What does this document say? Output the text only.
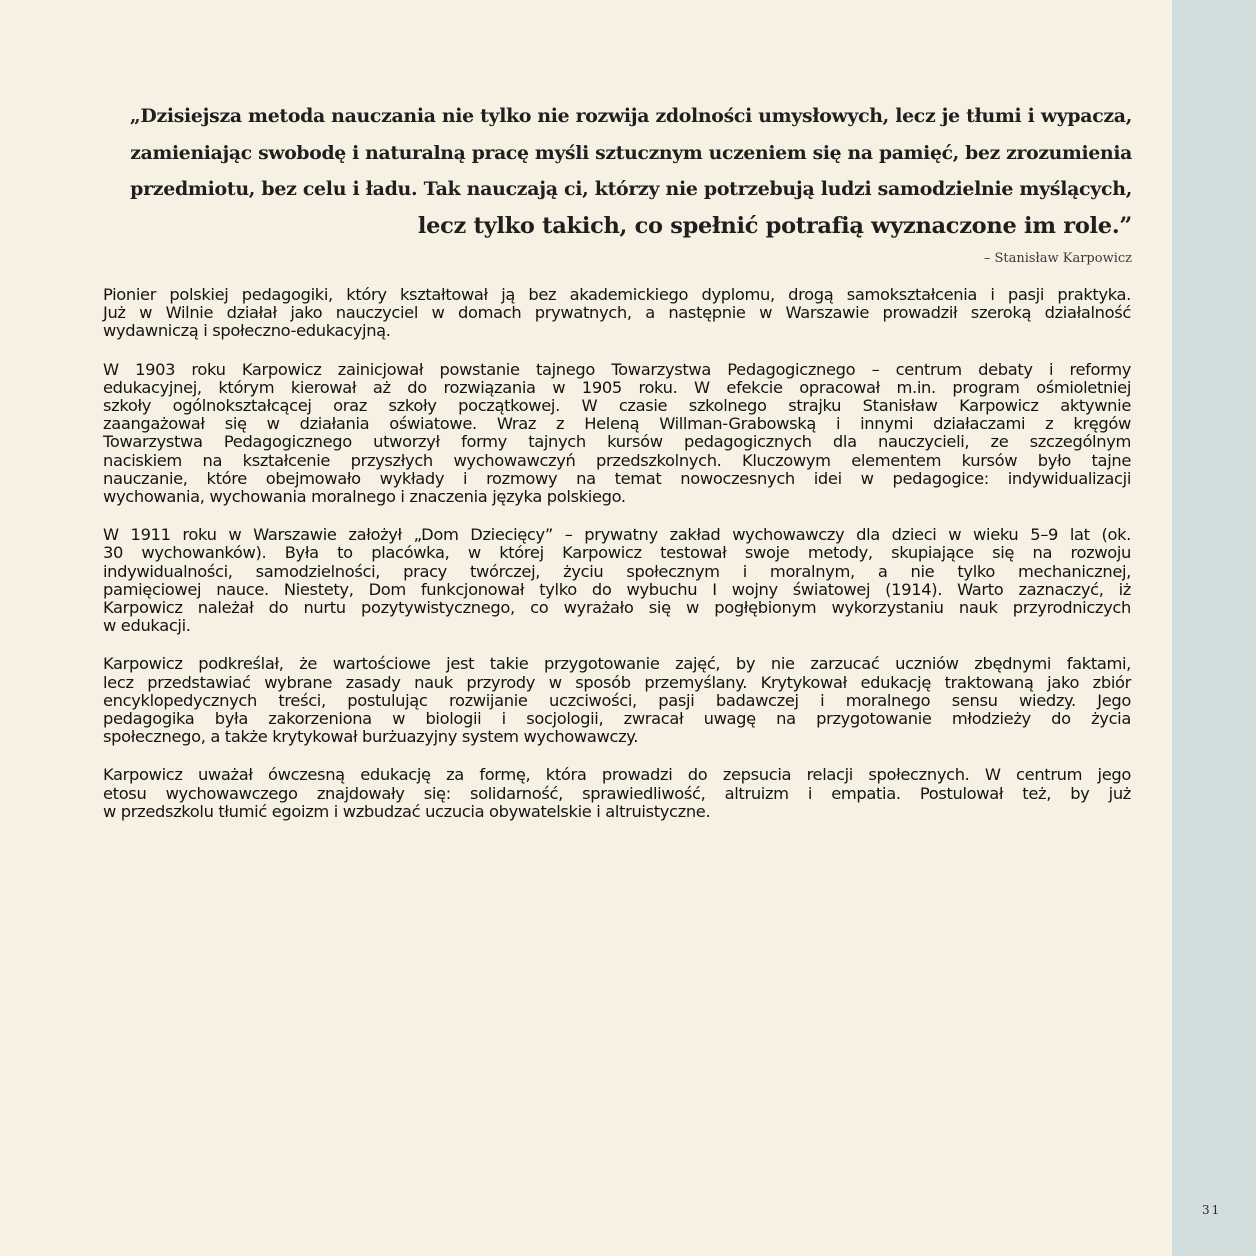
„Dzisiejsza metoda nauczania nie tylko nie rozwija zdolności umysłowych, lecz je tłumi i wypacza,
zamieniając swobodę i naturalną pracę myśli sztucznym uczeniem się na pamięć, bez zrozumienia
przedmiotu, bez celu i ładu. Tak nauczają ci, którzy nie potrzebują ludzi samodzielnie myślących,
lecz tylko takich, co spełnić potrafią wyznaczone im role.”
– Stanisław Karpowicz

Pionier polskiej pedagogiki, który kształtował ją bez akademickiego dyplomu, drogą samokształcenia i pasji praktyka.
Już w Wilnie działał jako nauczyciel w domach prywatnych, a następnie w Warszawie prowadził szeroką działalność
wydawniczą i społeczno-edukacyjną.

W 1903 roku Karpowicz zainicjował powstanie tajnego Towarzystwa Pedagogicznego – centrum debaty i reformy
edukacyjnej, którym kierował aż do rozwiązania w 1905 roku. W efekcie opracował m.in. program ośmioletniej
szkoły ogólnokształcącej oraz szkoły początkowej. W czasie szkolnego strajku Stanisław Karpowicz aktywnie
zaangażował się w działania oświatowe. Wraz z Heleną Willman-Grabowską i innymi działaczami z kręgów
Towarzystwa Pedagogicznego utworzył formy tajnych kursów pedagogicznych dla nauczycieli, ze szczególnym
naciskiem na kształcenie przyszłych wychowawczyń przedszkolnych. Kluczowym elementem kursów było tajne
nauczanie, które obejmowało wykłady i rozmowy na temat nowoczesnych idei w pedagogice: indywidualizacji
wychowania, wychowania moralnego i znaczenia języka polskiego.

W 1911 roku w Warszawie założył „Dom Dziecięcy” – prywatny zakład wychowawczy dla dzieci w wieku 5–9 lat (ok.
30 wychowanków). Była to placówka, w której Karpowicz testował swoje metody, skupiające się na rozwoju
indywidualności, samodzielności, pracy twórczej, życiu społecznym i moralnym, a nie tylko mechanicznej,
pamięciowej nauce. Niestety, Dom funkcjonował tylko do wybuchu I wojny światowej (1914). Warto zaznaczyć, iż
Karpowicz należał do nurtu pozytywistycznego, co wyrażało się w pogłębionym wykorzystaniu nauk przyrodniczych
w edukacji.

Karpowicz podkreślał, że wartościowe jest takie przygotowanie zajęć, by nie zarzucać uczniów zbędnymi faktami,
lecz przedstawiać wybrane zasady nauk przyrody w sposób przemyślany. Krytykował edukację traktowaną jako zbiór
encyklopedycznych treści, postulując rozwijanie uczciwości, pasji badawczej i moralnego sensu wiedzy. Jego
pedagogika była zakorzeniona w biologii i socjologii, zwracał uwagę na przygotowanie młodzieży do życia
społecznego, a także krytykował burżuazyjny system wychowawczy.

Karpowicz uważał ówczesną edukację za formę, która prowadzi do zepsucia relacji społecznych. W centrum jego
etosu wychowawczego znajdowały się: solidarność, sprawiedliwość, altruizm i empatia. Postulował też, by już
w przedszkolu tłumić egoizm i wzbudzać uczucia obywatelskie i altruistyczne.

31
